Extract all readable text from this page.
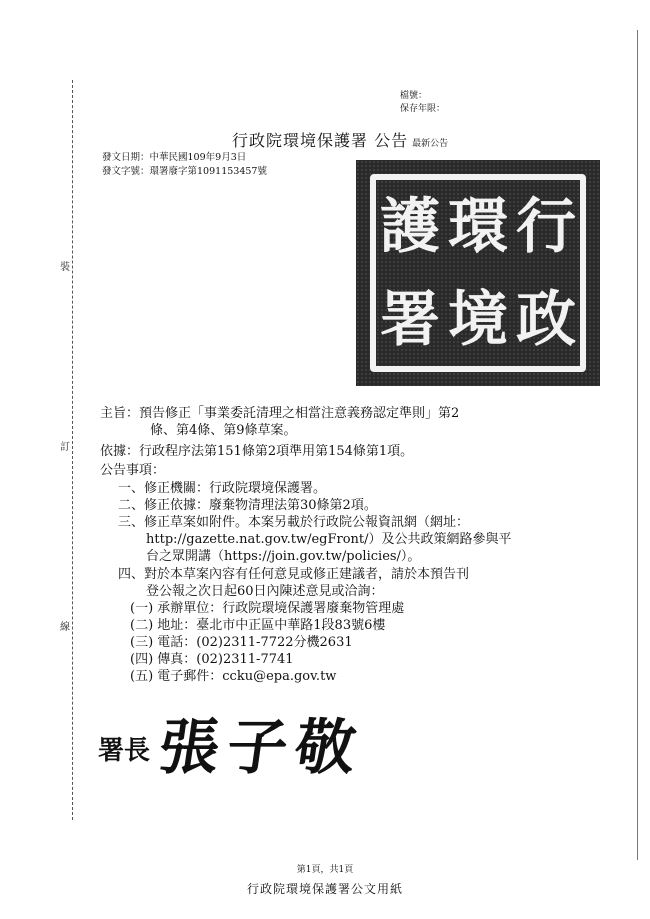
裝
訂
線
檔號：
保存年限：
行政院環境保護署 公告 最新公告
發文日期：中華民國109年9月3日
發文字號：環署廢字第1091153457號
行
環
護
政
境
署
主旨：預告修正「事業委託清理之相當注意義務認定準則」第2
條、第4條、第9條草案。
依據：行政程序法第151條第2項準用第154條第1項。
公告事項：
一、修正機關：行政院環境保護署。
二、修正依據：廢棄物清理法第30條第2項。
三、修正草案如附件。本案另載於行政院公報資訊網（網址：
http://gazette.nat.gov.tw/egFront/）及公共政策網路參與平
台之眾開講（https://join.gov.tw/policies/）。
四、對於本草案內容有任何意見或修正建議者，請於本預告刊
登公報之次日起60日內陳述意見或洽詢：
(一) 承辦單位：行政院環境保護署廢棄物管理處
(二) 地址：臺北市中正區中華路1段83號6樓
(三) 電話：(02)2311-7722分機2631
(四) 傳真：(02)2311-7741
(五) 電子郵件：ccku@epa.gov.tw
署長 張子敬
第1頁，共1頁
行政院環境保護署公文用紙
